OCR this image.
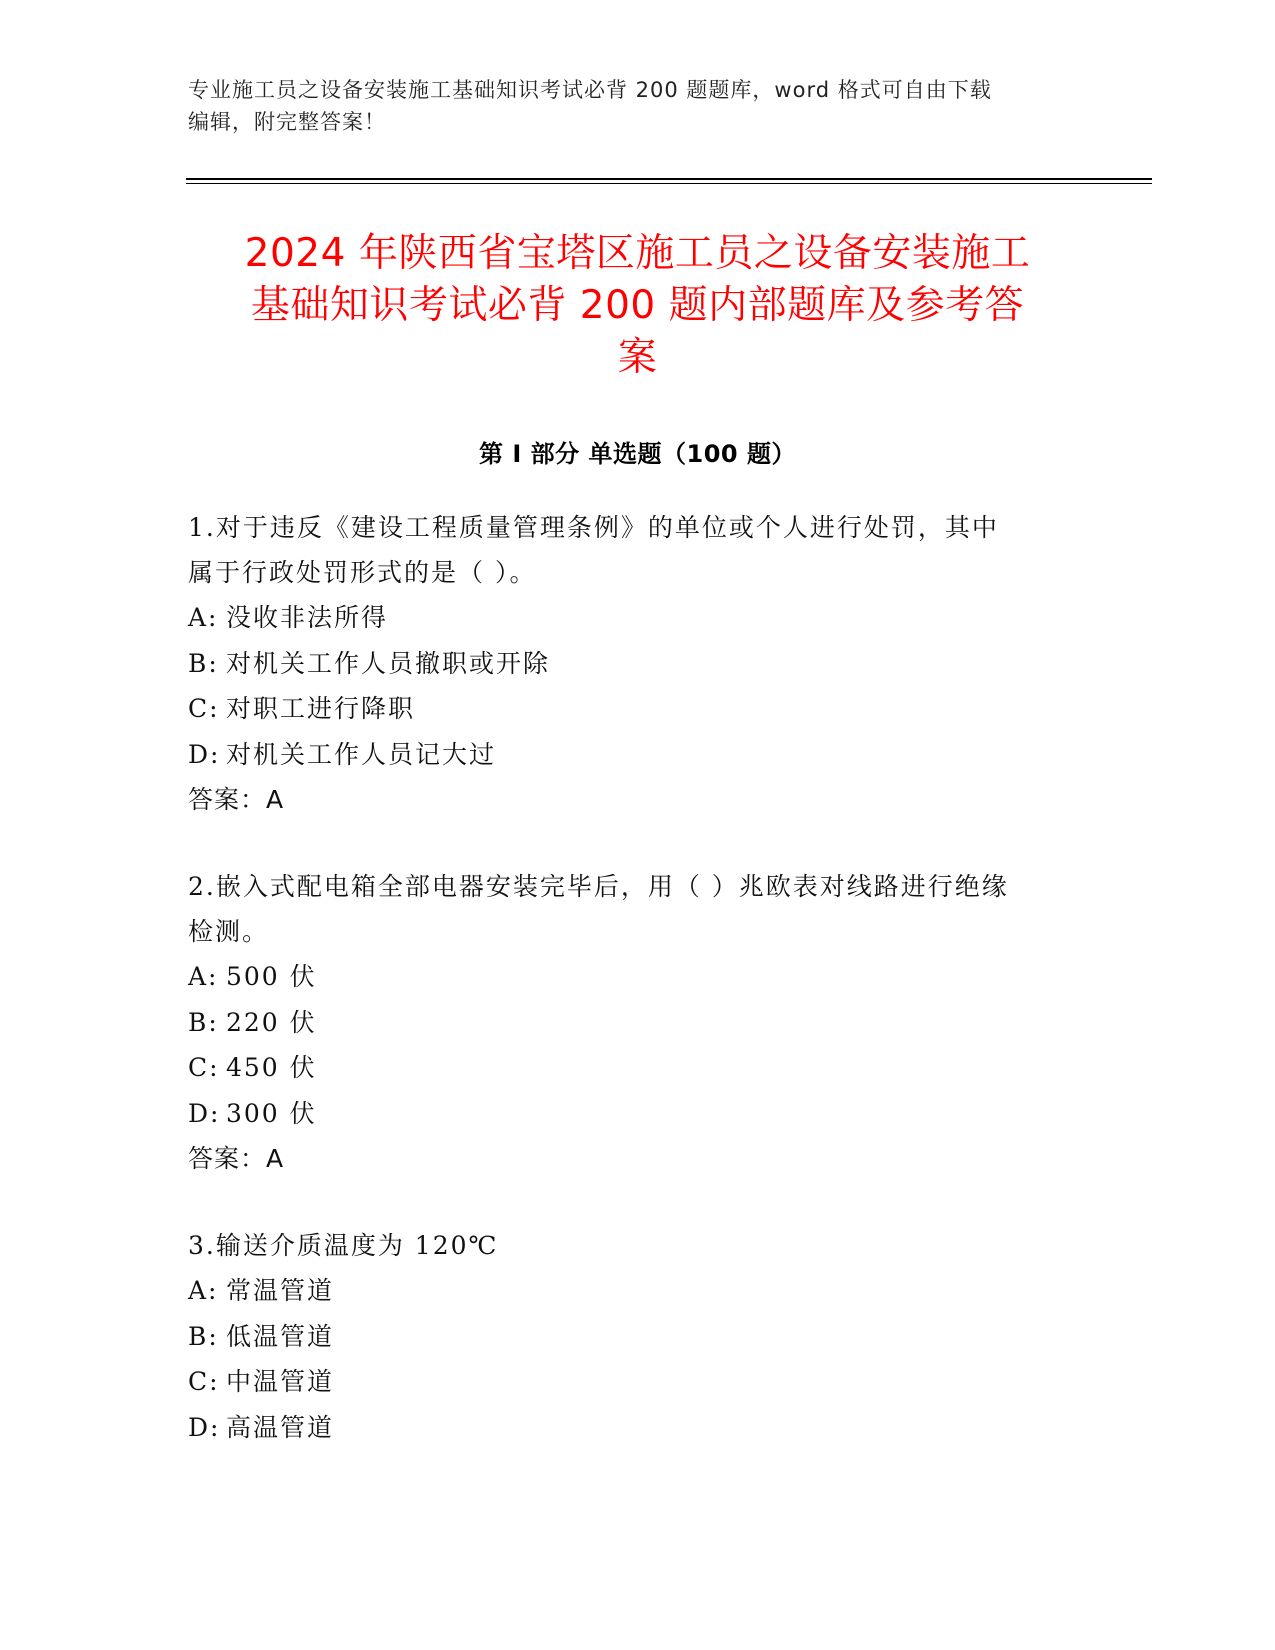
专业施工员之设备安装施工基础知识考试必背 200 题题库，word 格式可自由下载
编辑，附完整答案！
2024 年陕西省宝塔区施工员之设备安装施工
基础知识考试必背 200 题内部题库及参考答
案
第 I 部分 单选题（100 题）
1.对于违反《建设工程质量管理条例》的单位或个人进行处罚，其中
属于行政处罚形式的是（ ）。
A: 没收非法所得
B: 对机关工作人员撤职或开除
C: 对职工进行降职
D: 对机关工作人员记大过
答案：A
2.嵌入式配电箱全部电器安装完毕后，用（ ）兆欧表对线路进行绝缘
检测。
A: 500 伏
B: 220 伏
C: 450 伏
D: 300 伏
答案：A
3.输送介质温度为 120℃
A: 常温管道
B: 低温管道
C: 中温管道
D: 高温管道
